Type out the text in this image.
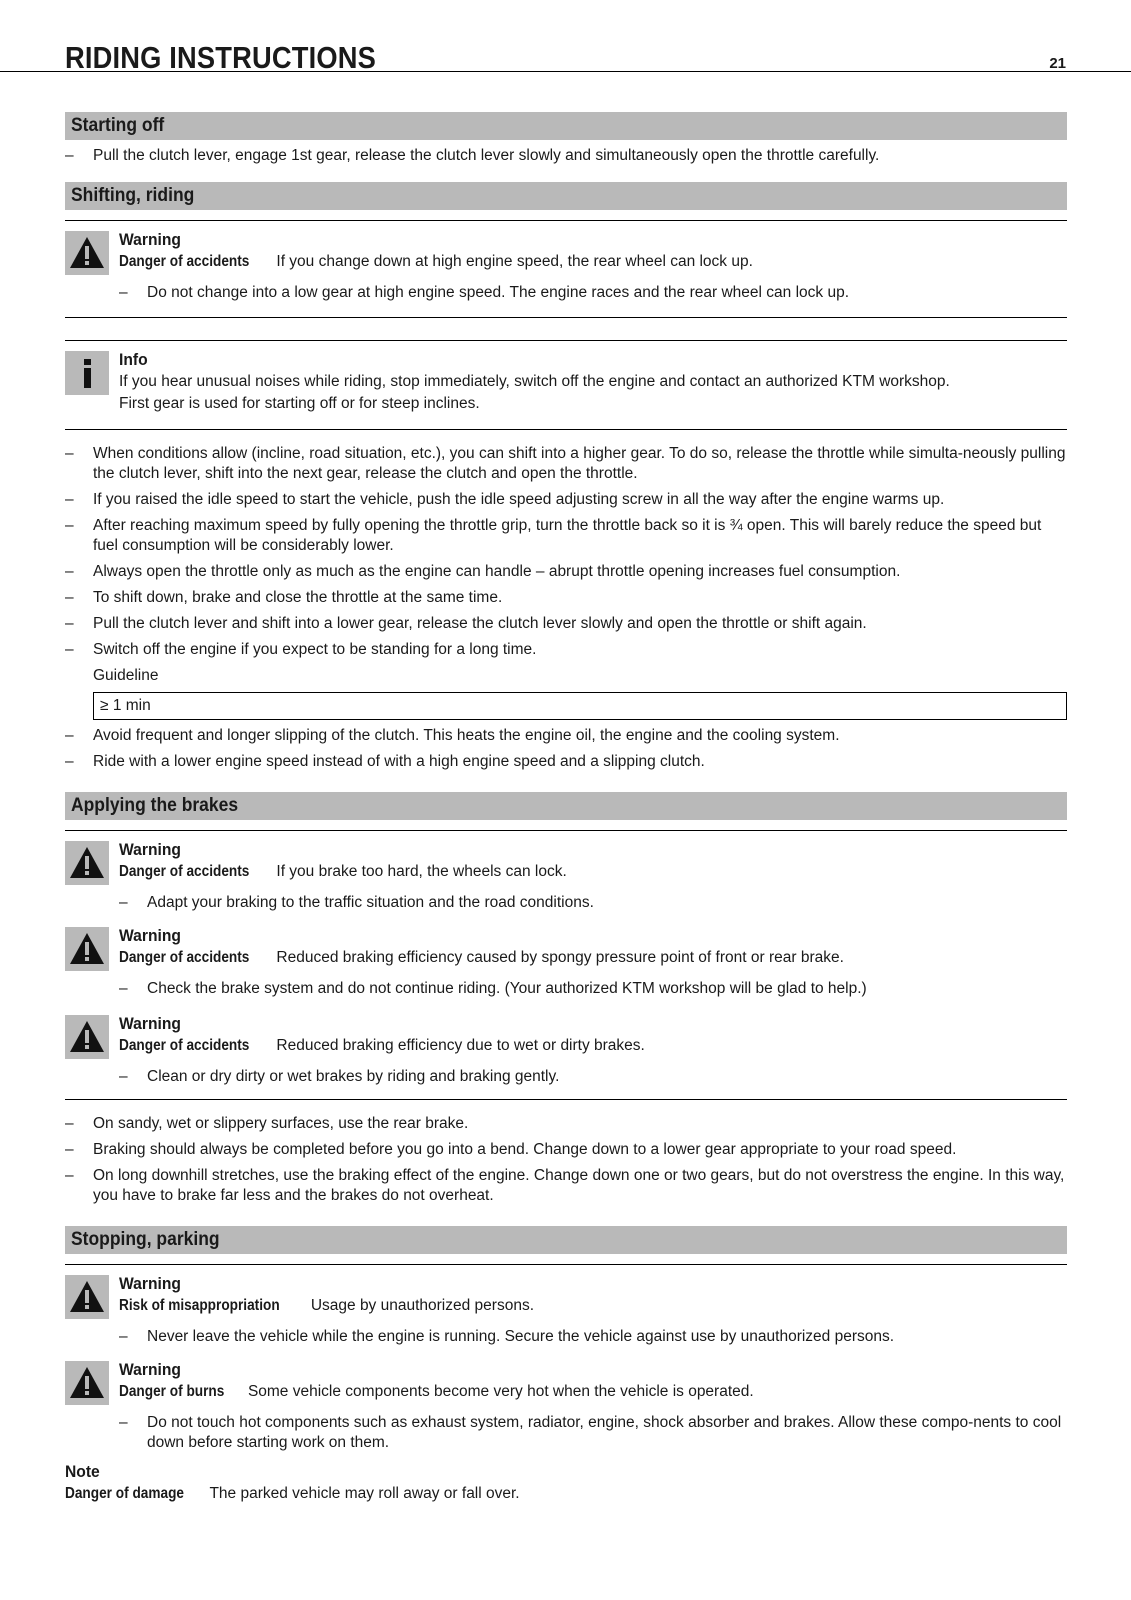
RIDING INSTRUCTIONS	21
Starting off
– Pull the clutch lever, engage 1st gear, release the clutch lever slowly and simultaneously open the throttle carefully.
Shifting, riding
Warning
Danger of accidents If you change down at high engine speed, the rear wheel can lock up.
– Do not change into a low gear at high engine speed. The engine races and the rear wheel can lock up.
Info
If you hear unusual noises while riding, stop immediately, switch off the engine and contact an authorized KTM workshop.
First gear is used for starting off or for steep inclines.
– When conditions allow (incline, road situation, etc.), you can shift into a higher gear. To do so, release the throttle while simulta-neously pulling the clutch lever, shift into the next gear, release the clutch and open the throttle.
– If you raised the idle speed to start the vehicle, push the idle speed adjusting screw in all the way after the engine warms up.
– After reaching maximum speed by fully opening the throttle grip, turn the throttle back so it is ¾ open. This will barely reduce the speed but fuel consumption will be considerably lower.
– Always open the throttle only as much as the engine can handle – abrupt throttle opening increases fuel consumption.
– To shift down, brake and close the throttle at the same time.
– Pull the clutch lever and shift into a lower gear, release the clutch lever slowly and open the throttle or shift again.
– Switch off the engine if you expect to be standing for a long time.
Guideline
≥ 1 min
– Avoid frequent and longer slipping of the clutch. This heats the engine oil, the engine and the cooling system.
– Ride with a lower engine speed instead of with a high engine speed and a slipping clutch.
Applying the brakes
Warning
Danger of accidents If you brake too hard, the wheels can lock.
– Adapt your braking to the traffic situation and the road conditions.
Warning
Danger of accidents Reduced braking efficiency caused by spongy pressure point of front or rear brake.
– Check the brake system and do not continue riding. (Your authorized KTM workshop will be glad to help.)
Warning
Danger of accidents Reduced braking efficiency due to wet or dirty brakes.
– Clean or dry dirty or wet brakes by riding and braking gently.
– On sandy, wet or slippery surfaces, use the rear brake.
– Braking should always be completed before you go into a bend. Change down to a lower gear appropriate to your road speed.
– On long downhill stretches, use the braking effect of the engine. Change down one or two gears, but do not overstress the engine. In this way, you have to brake far less and the brakes do not overheat.
Stopping, parking
Warning
Risk of misappropriation Usage by unauthorized persons.
– Never leave the vehicle while the engine is running. Secure the vehicle against use by unauthorized persons.
Warning
Danger of burns Some vehicle components become very hot when the vehicle is operated.
– Do not touch hot components such as exhaust system, radiator, engine, shock absorber and brakes. Allow these compo-nents to cool down before starting work on them.
Note
Danger of damage The parked vehicle may roll away or fall over.
